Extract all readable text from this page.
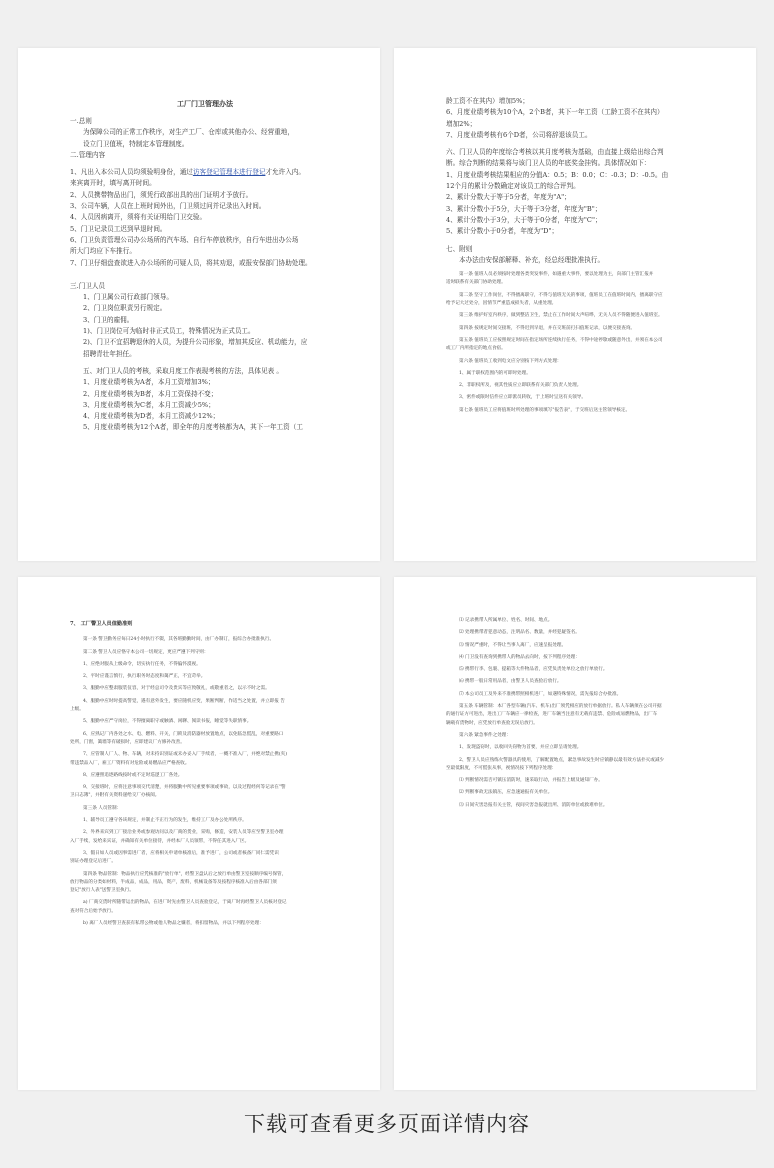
工厂门卫管理办法
一.总则
为保障公司的正常工作秩序，对生产工厂、仓库或其他办公、经营重地，
设立门卫值班，特制定本管理制度。
二.管理内容

1、凡出入本公司人员均须验明身份，通过访客登记管理本进行登记才允许入内。
来宾离开时，填写离开时间。
2、人员携带物品出门，须凭行政部出具的出门证明才予放行。
3、公司车辆，人员在上班时间外出，门卫须过问并记录出入时间。
4、人员因病离开，须将有关证明给门卫交验。
5、门卫记录员工迟到早退时间。
6、门卫负责管理公司办公场所的汽车场、自行车停放秩序，自行车进出办公场
所大门均应下车推行。
7、门卫仔细盘查欲进入办公场所的可疑人员，将其劝退，或报安保部门协助处理。

三.门卫人员
1、门卫属公司行政部门领导。
2、门卫岗位职责另行规定。
3、门卫的雇佣。
1)、门卫岗位可为临时非正式员工，特殊情况为正式员工。
2)、门卫不宜招聘退休的人员，为提升公司形象，增加其反应、机动能力，应
招聘青壮年担任。

五、对门卫人员的考核，采取月度工作表现考核的方法，具体见表 。
1、月度业绩考核为A者，本月工资增加3%；
2、月度业绩考核为B者，本月工资保持不变；
3、月度业绩考核为C者，本月工资减少5%；
4、月度业绩考核为D者，本月工资减少12%；
5、月度业绩考核为12个A者，即全年的月度考核都为A，其下一年工资（工
龄工资不在其内）增加5%；
6、月度业绩考核为10个A，2个B者，其下一年工资（工龄工资不在其内）
增加2%；
7、月度业绩考核有6个D者，公司将辞退该员工。

六、门卫人员的年度综合考核以其月度考核为基础，由直接上级给出综合判
断。综合判断的结果将与该门卫人员的年底奖金挂钩。具体情况如下：
1、月度业绩考核结果相应的分值A：0.5；B：0.0；C：-0.3；D：-0.5。由
12个月的累计分数确定对该员工的综合评判。
2、累计分数大于等于5分者，年度为"A"；
3、累计分数小于5分，大于等于3分者，年度为"B"；
4、累计分数小于3分，大于等于0分者，年度为"C"；
5、累计分数小于0分者，年度为"D"；

七、附则
本办法由安保部解释、补充，经总经理批准执行。
第一条 值班人员必须按时处理各类突发事件，如遇重大事件，要以处理为主，向部门主管汇报并
适时联系有关部门协助处理。

第二条 坚守工作岗位，不得擅离职守，不得与值班无关的事项，值班员工在值班时间内，擅离职守应
给予记大过处分，因情节严重造成损失者，从重处理。

第三条 维护好室内秩序，做到整洁卫生，禁止在工作时间大声喧哗，无关人员不得随便进入值班室。

第四条 按规定时间交接班，不得迟到早退，并在交班前打扫值班记录，以便交接查询。

第五条 值班员工应按照规定时间在指定场所连续执行任务，不得中途停歇或随意外出，并须在本公司
或工厂内所指定的地点食宿。

第六条 值班员工收到电文应分别按下列方式处理：

1、属于职权范围内的可即时处理。

2、非职权所及，视其性质应立即联系有关部门负责人处理。

3、密件或限时信件应立即派员转收，于上班时呈送有关领导。

第七条 值班员工应将值班时所处理的事项填写"报告表"，于交班后送主管领导核定。
7、 工厂警卫人员值勤准则
第一条 警卫勤务应每日24小时执行不辍，其各班勤勤时间，由厂办制订，报综合办批准执行。

第二条 警卫人员应恪守本公司一切规定，更应严遵下列守则：

1、应绝对服从上级命令，切实执行任务，不得偏怀漠视。

2、平时应谨言慎行，执行职务时态度和蔼严正，不宜苛举。

3、服勤中应整肃服装仪容，对于经总司令及贵宾等应致敬礼，或敬重者之，以示不时之需。

4、服勤中应时时提高警觉，遇有意外发生，要应随机应变，果断判断，作适当之处置，并立即报 告
上级。

5、服勤中应严守岗位，不得擅离职守或触酒、闲聊、阅读书报，睡觉等失职情事。

6、应熟记厂内各处之水、电、燃料、开关，门锁及消防器材放置地点，以免临急慌乱，对重要路口
处所，门窗，篱墙等有破损时，应即建议厂方修补改善。

7、应管制人厂人、物、车辆，对未持识别证或未办妥入厂手续者，一概不准入厂，并绝对禁止携(夹)
带违禁品入厂，雇工厂资料有对危险或易燃品应严格查收。

8、应遵照追逐路线按时或不定时巡逻工厂各处。

9、交接班时，应将注意事项交代清楚，并将服勤中所见重要事项或事故，以及过程经何等记录在"警
卫日志簿"，并附有关资料递给交厂办核阅。

第三条 人员管制：

1、辅导员工遵守各该规定，并制止不正行为的发生，维持工厂及办公处所秩序。

2、外界来宾到工厂接洽业务或参观访问以及厂商的货业，采购，修造，安装人员等应至警卫室办理
入厂手续，发给来宾证，并确知有关单位接待，并经本厂人员领带，不得任其进入厂区。

3、假日如人员或因事需进厂者，应将相关申请单核准后，准予进厂，公司或者核备厂同仁需凭识
别证办理登记后进厂。

第四条 物品管制：物品执行应凭核准的"放行单"，经警卫盘认后之放行单由警卫室按顺序编号保管，
放行物品的分类如材料，半成品，成品，用品，资产，废料，机械设备等及按程序核准入后由各部门须
登记"放行人表"送警卫室执行。

a) 厂商交货时所随带运出的物品，在进厂时先由警卫人员查验登记，于离厂时再经警卫人员核对登记
查对符合后始予放行。

b) 离厂人员经警卫查获有私带公物或他人物品之嫌者，将扣留物品，并以下列程序处理：
⑴ 记录携带人所属单位、姓名、时间、地点。

⑵ 处理携带者犯意动态，注明品名、数量，并经犯疑签名。

⑶ 情况严重时，不得让当事人离厂，应速呈报处理。

⑷ 门卫没有查询到携带人的物品去向时，按下列程序处理：

⑸ 携带行李、包裹、提箱等大件物品者，应凭负责处单位之放行单放行。

⑹ 携带一般日常用品者，由警卫人员查验后放行。

⑺ 本公司员工及外来不准携带照相机进厂，如遇特殊情况，需先报综合办批准。

第五条 车辆管制：本厂各型车辆(汽车、机车)出厂须凭相应的放行单据放行。私人车辆须在公司开据
的通行证方可进出，进出工厂车辆应一律检查，进厂车辆当注意有无载有违禁、危险或易燃物品，出厂车
辆载有货物时，应凭放行单查验无误后放行。

第六条 紧急事件之处理：

1、发现盗窃时，以收回失窃物为首要，并应立即呈请处理。

2、警卫人员应熟练火警器具的使用，了解配置地点，紧急事故发生时应镇静以最有效方法扑灭或减少
至最低限度，不可慌张从事，视情况按下列程序处理：

⑴ 判断情况需否可镇压消防时，速采取行动，并报告上级及通知厂办。

⑵ 判断事故无法镇压，应急速通报有关单位。

⑶ 日间灾害急报有关主管，夜间灾害急报就出所、消防单位或救难单位。
下载可查看更多页面详情内容
